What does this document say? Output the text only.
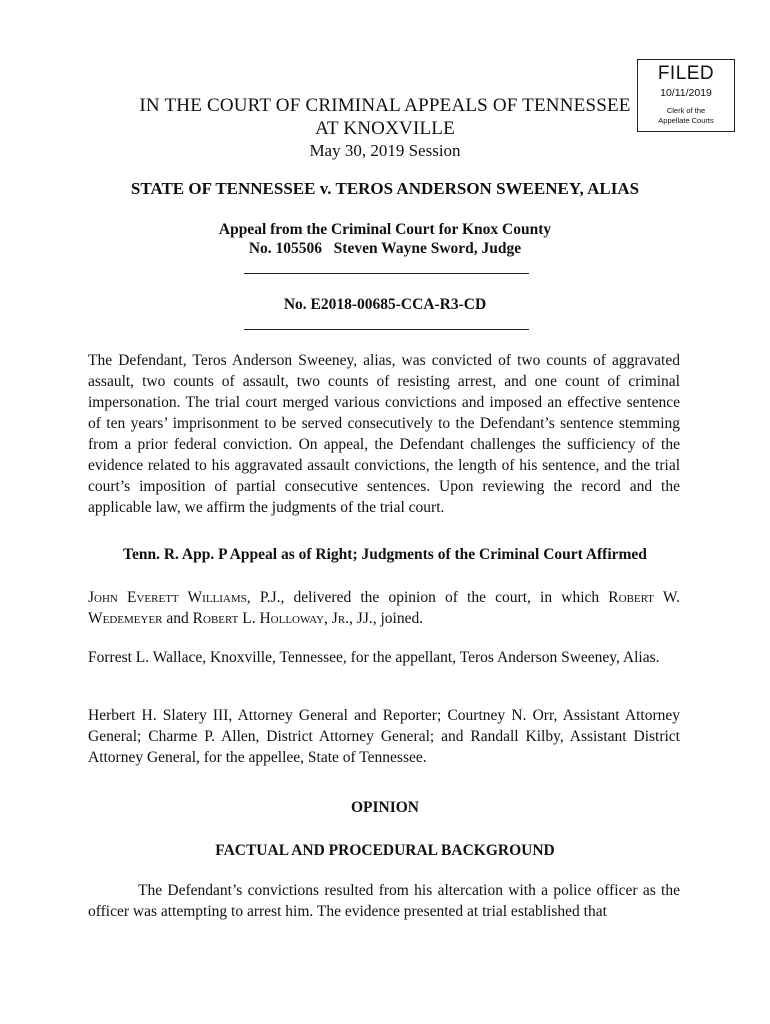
FILED
10/11/2019
Clerk of the
Appellate Courts
IN THE COURT OF CRIMINAL APPEALS OF TENNESSEE
AT KNOXVILLE
May 30, 2019 Session
STATE OF TENNESSEE v. TEROS ANDERSON SWEENEY, ALIAS
Appeal from the Criminal Court for Knox County
No. 105506   Steven Wayne Sword, Judge
No. E2018-00685-CCA-R3-CD

The Defendant, Teros Anderson Sweeney, alias, was convicted of two counts of aggravated assault, two counts of assault, two counts of resisting arrest, and one count of criminal impersonation. The trial court merged various convictions and imposed an effective sentence of ten years’ imprisonment to be served consecutively to the Defendant’s sentence stemming from a prior federal conviction. On appeal, the Defendant challenges the sufficiency of the evidence related to his aggravated assault convictions, the length of his sentence, and the trial court’s imposition of partial consecutive sentences. Upon reviewing the record and the applicable law, we affirm the judgments of the trial court.

Tenn. R. App. P Appeal as of Right; Judgments of the Criminal Court Affirmed

John Everett Williams, P.J., delivered the opinion of the court, in which Robert W. Wedemeyer and Robert L. Holloway, Jr., JJ., joined.

Forrest L. Wallace, Knoxville, Tennessee, for the appellant, Teros Anderson Sweeney, Alias.

Herbert H. Slatery III, Attorney General and Reporter; Courtney N. Orr, Assistant Attorney General; Charme P. Allen, District Attorney General; and Randall Kilby, Assistant District Attorney General, for the appellee, State of Tennessee.

OPINION
FACTUAL AND PROCEDURAL BACKGROUND

The Defendant’s convictions resulted from his altercation with a police officer as the officer was attempting to arrest him. The evidence presented at trial established that
